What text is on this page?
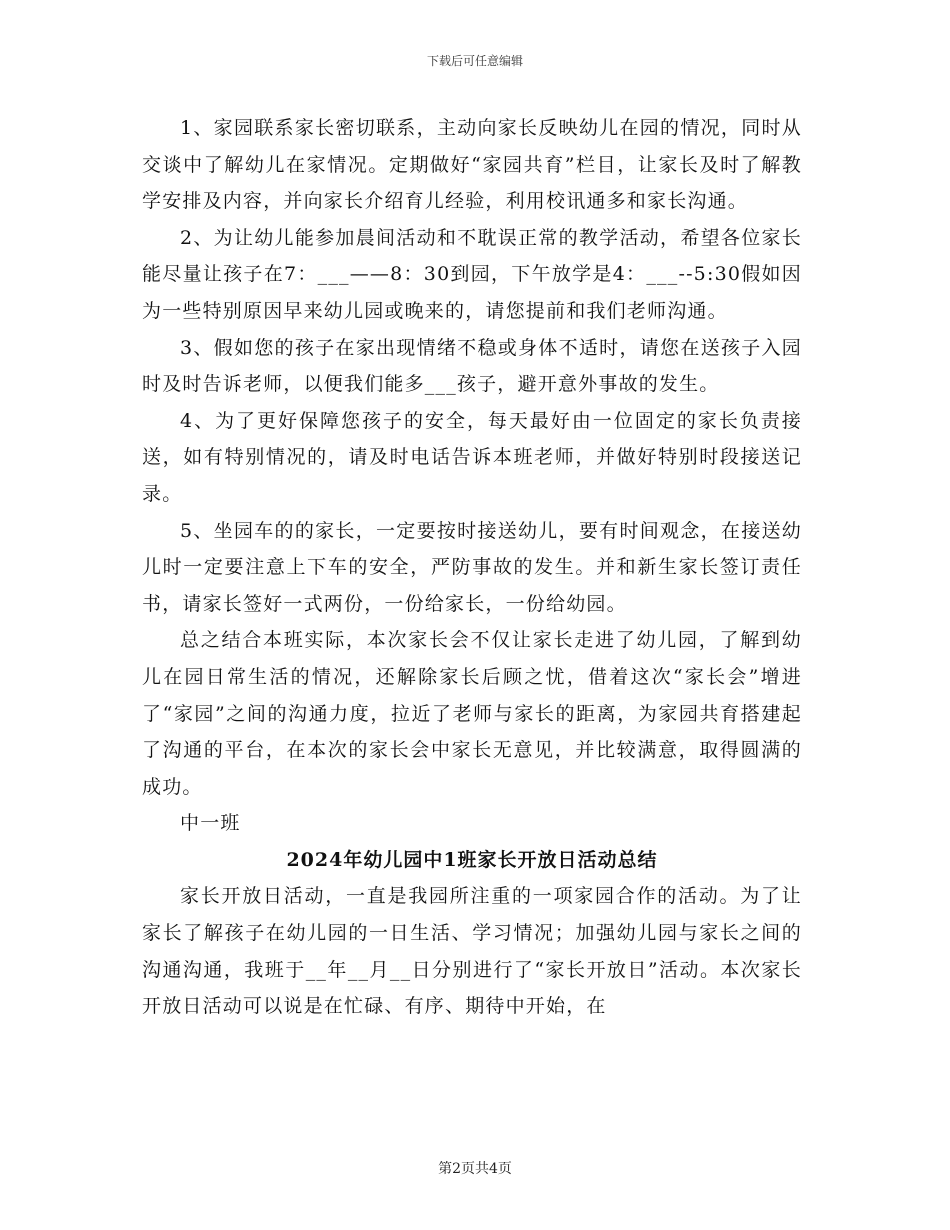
下载后可任意编辑

1、家园联系家长密切联系，主动向家长反映幼儿在园的情况，同时从交谈中了解幼儿在家情况。定期做好“家园共育”栏目，让家长及时了解教学安排及内容，并向家长介绍育儿经验，利用校讯通多和家长沟通。

2、为让幼儿能参加晨间活动和不耽误正常的教学活动，希望各位家长能尽量让孩子在7：___——8：30到园，下午放学是4：___--5:30假如因为一些特别原因早来幼儿园或晚来的，请您提前和我们老师沟通。

3、假如您的孩子在家出现情绪不稳或身体不适时，请您在送孩子入园时及时告诉老师，以便我们能多___孩子，避开意外事故的发生。

4、为了更好保障您孩子的安全，每天最好由一位固定的家长负责接送，如有特别情况的，请及时电话告诉本班老师，并做好特别时段接送记录。

5、坐园车的的家长，一定要按时接送幼儿，要有时间观念，在接送幼儿时一定要注意上下车的安全，严防事故的发生。并和新生家长签订责任书，请家长签好一式两份，一份给家长，一份给幼园。

总之结合本班实际，本次家长会不仅让家长走进了幼儿园，了解到幼儿在园日常生活的情况，还解除家长后顾之忧，借着这次“家长会”增进了“家园”之间的沟通力度，拉近了老师与家长的距离，为家园共育搭建起了沟通的平台，在本次的家长会中家长无意见，并比较满意，取得圆满的成功。

中一班

2024年幼儿园中1班家长开放日活动总结

家长开放日活动，一直是我园所注重的一项家园合作的活动。为了让家长了解孩子在幼儿园的一日生活、学习情况；加强幼儿园与家长之间的沟通沟通，我班于__年__月__日分别进行了“家长开放日”活动。本次家长开放日活动可以说是在忙碌、有序、期待中开始，在

第2页共4页
